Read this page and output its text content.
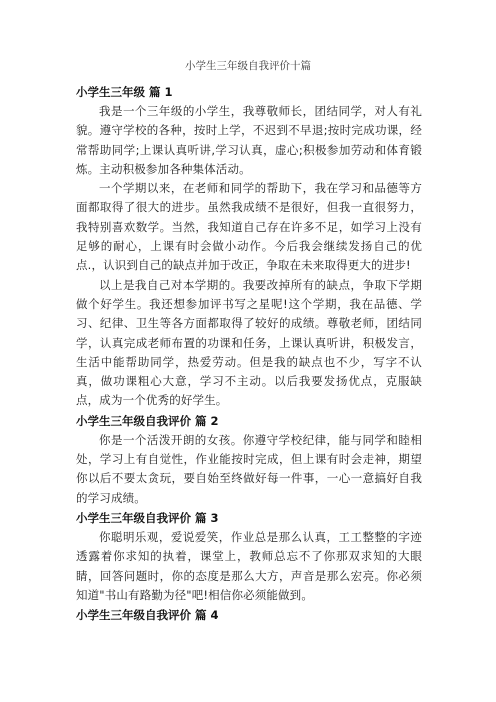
小学生三年级自我评价十篇
小学生三年级 篇 1

我是一个三年级的小学生，我尊敬师长，团结同学，对人有礼貌。遵守学校的各种，按时上学，不迟到不早退;按时完成功课，经常帮助同学;上课认真听讲,学习认真，虚心;积极参加劳动和体育锻炼。主动积极参加各种集体活动。

一个学期以来，在老师和同学的帮助下，我在学习和品德等方面都取得了很大的进步。虽然我成绩不是很好，但我一直很努力，我特别喜欢数学。当然，我知道自己存在许多不足，如学习上没有足够的耐心，上课有时会做小动作。今后我会继续发扬自己的优点.，认识到自己的缺点并加于改正，争取在未来取得更大的进步!

以上是我自己对本学期的。我要改掉所有的缺点，争取下学期做个好学生。我还想参加评书写之星呢!这个学期，我在品德、学习、纪律、卫生等各方面都取得了较好的成绩。尊敬老师，团结同学，认真完成老师布置的功课和任务，上课认真听讲，积极发言，生活中能帮助同学，热爱劳动。但是我的缺点也不少，写字不认真，做功课粗心大意，学习不主动。以后我要发扬优点，克服缺点，成为一个优秀的好学生。

小学生三年级自我评价 篇 2

你是一个活泼开朗的女孩。你遵守学校纪律，能与同学和睦相处，学习上有自觉性，作业能按时完成，但上课有时会走神，期望你以后不要太贪玩，要自始至终做好每一件事，一心一意搞好自我的学习成绩。

小学生三年级自我评价 篇 3

你聪明乐观，爱说爱笑，作业总是那么认真，工工整整的字迹透露着你求知的执着，课堂上，教师总忘不了你那双求知的大眼睛，回答问题时，你的态度是那么大方，声音是那么宏亮。你必须知道"书山有路勤为径"吧!相信你必须能做到。

小学生三年级自我评价 篇 4
